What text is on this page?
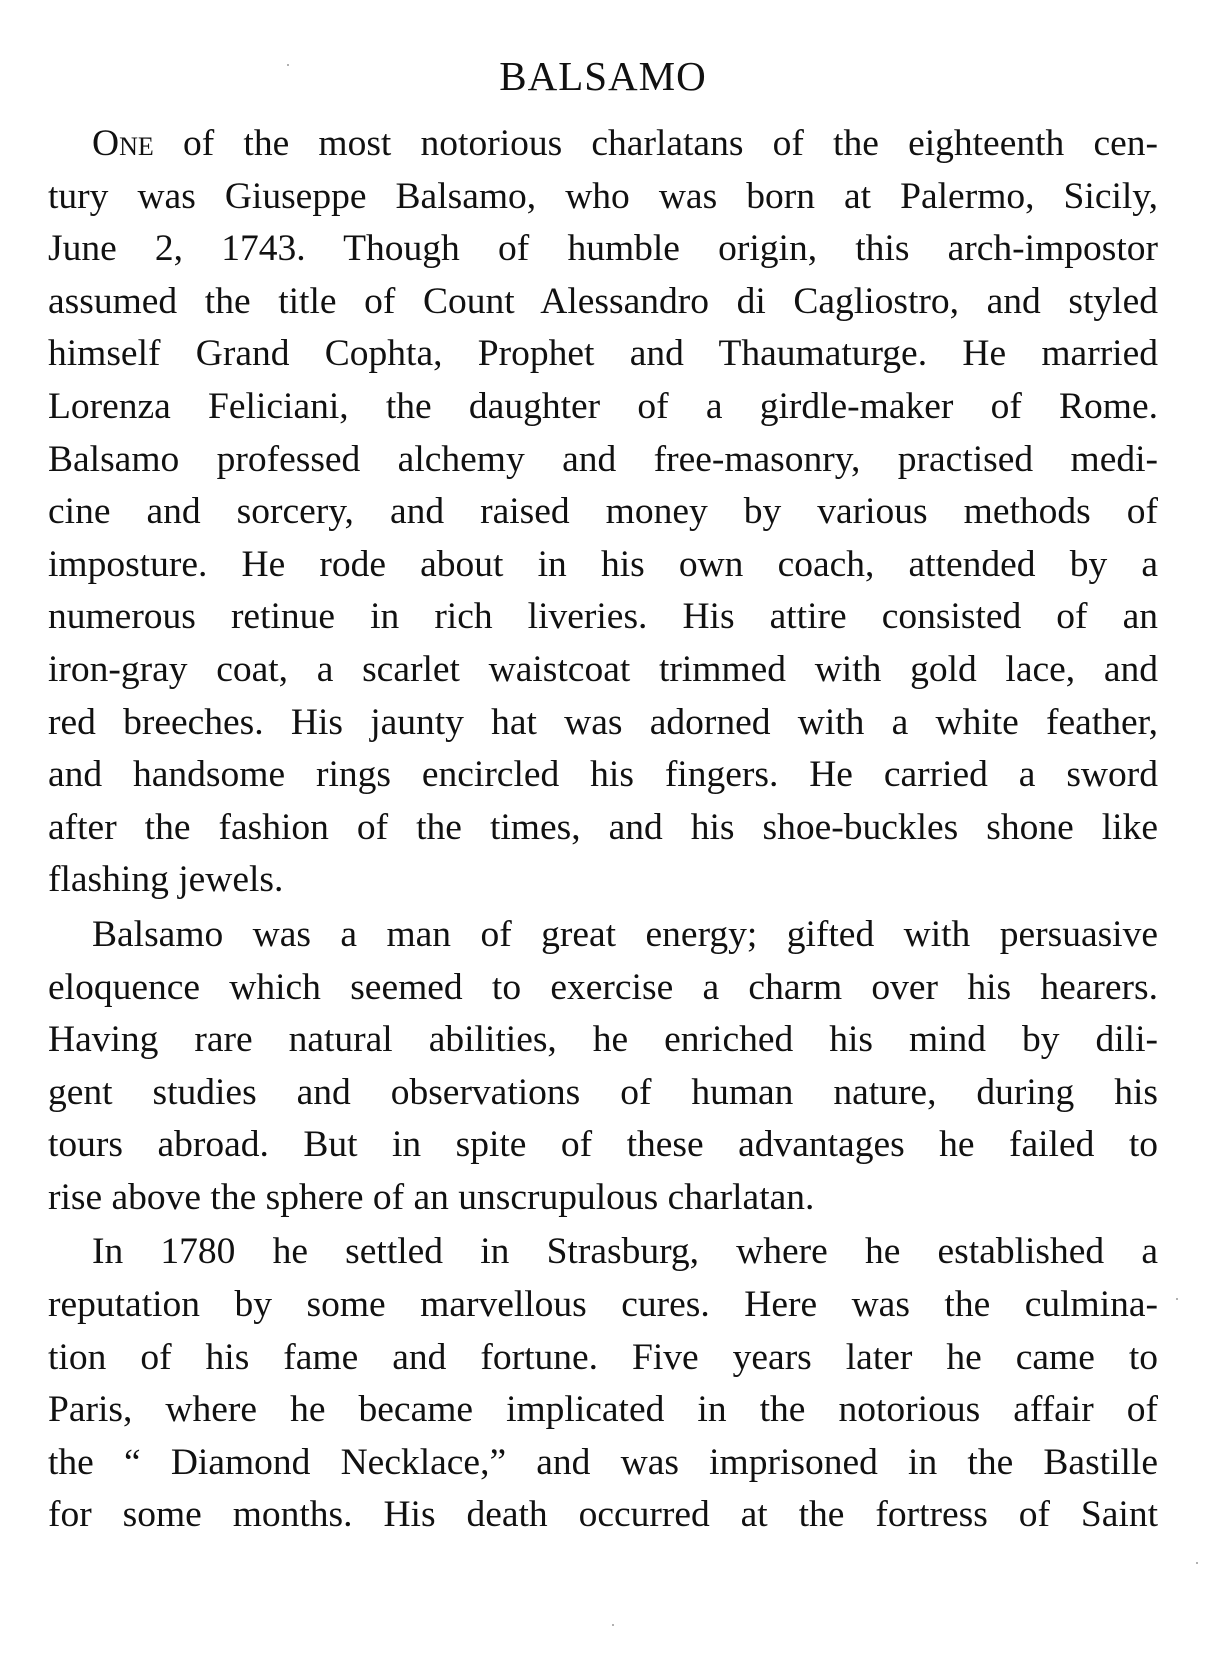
BALSAMO

One of the most notorious charlatans of the eighteenth cen-
tury was Giuseppe Balsamo, who was born at Palermo, Sicily,
June 2, 1743. Though of humble origin, this arch-impostor
assumed the title of Count Alessandro di Cagliostro, and styled
himself Grand Cophta, Prophet and Thaumaturge. He married
Lorenza Feliciani, the daughter of a girdle-maker of Rome.
Balsamo professed alchemy and free-masonry, practised medi-
cine and sorcery, and raised money by various methods of
imposture. He rode about in his own coach, attended by a
numerous retinue in rich liveries. His attire consisted of an
iron-gray coat, a scarlet waistcoat trimmed with gold lace, and
red breeches. His jaunty hat was adorned with a white feather,
and handsome rings encircled his fingers. He carried a sword
after the fashion of the times, and his shoe-buckles shone like
flashing jewels.

Balsamo was a man of great energy; gifted with persuasive
eloquence which seemed to exercise a charm over his hearers.
Having rare natural abilities, he enriched his mind by dili-
gent studies and observations of human nature, during his
tours abroad. But in spite of these advantages he failed to
rise above the sphere of an unscrupulous charlatan.

In 1780 he settled in Strasburg, where he established a
reputation by some marvellous cures. Here was the culmina-
tion of his fame and fortune. Five years later he came to
Paris, where he became implicated in the notorious affair of
the “ Diamond Necklace,” and was imprisoned in the Bastille
for some months. His death occurred at the fortress of Saint
